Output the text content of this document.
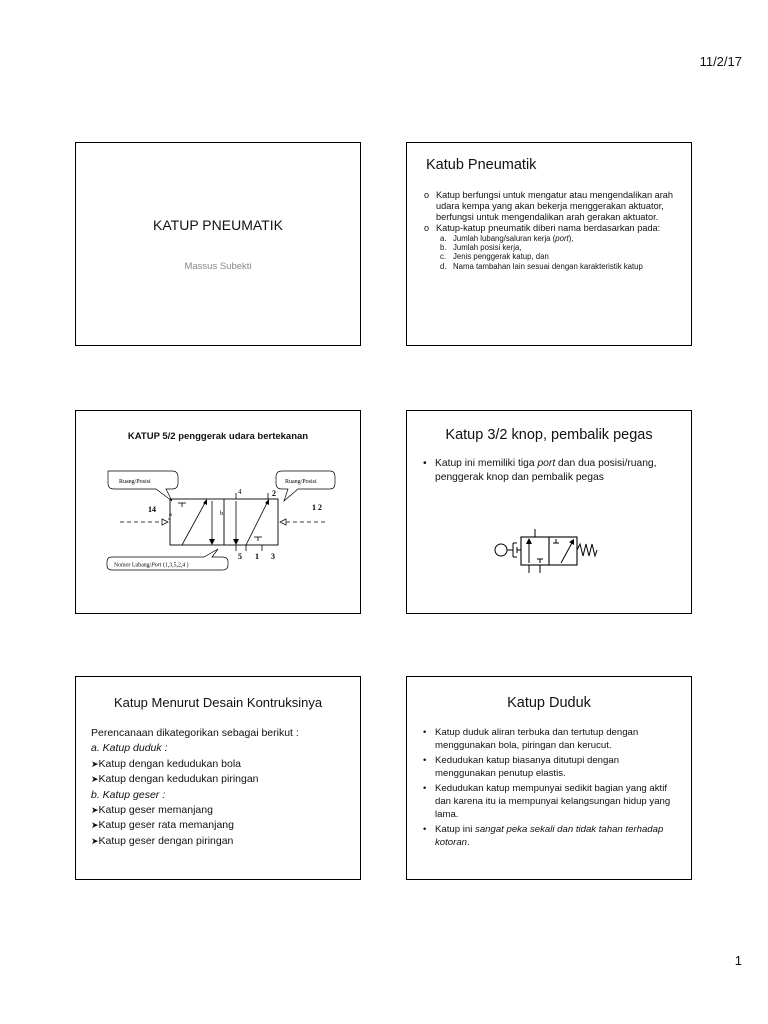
11/2/17
KATUP PNEUMATIK
Massus Subekti
Katub Pneumatik
o Katup berfungsi untuk mengatur atau mengendalikan arah udara kempa yang akan bekerja menggerakan aktuator, berfungsi untuk mengendalikan arah gerakan aktuator.
o Katup-katup pneumatik diberi nama berdasarkan pada:
a. Jumlah lubang/saluran kerja (port),
b. Jumlah posisi kerja,
c. Jenis penggerak katup, dan
d. Nama tambahan lain sesuai dengan karakteristik katup
KATUP 5/2 penggerak udara bertekanan
Ruang/Posisi	Ruang/Posisi
14	1 2
4	2
a	b
5 1 3
Nomor Lubang/Port (1,3,5,2,4 )
Katup 3/2 knop, pembalik pegas
• Katup ini memiliki tiga port dan dua posisi/ruang, penggerak knop dan pembalik pegas
Katup Menurut Desain Kontruksinya
Perencanaan dikategorikan sebagai berikut :
a. Katup duduk :
➤Katup dengan kedudukan bola
➤Katup dengan kedudukan piringan
b. Katup geser :
➤Katup geser memanjang
➤Katup geser rata memanjang
➤Katup geser dengan piringan
Katup Duduk
• Katup duduk aliran terbuka dan tertutup dengan menggunakan bola, piringan dan kerucut.
• Kedudukan katup biasanya ditutupi dengan menggunakan penutup elastis.
• Kedudukan katup mempunyai sedikit bagian yang aktif dan karena itu ia mempunyai kelangsungan hidup yang lama.
• Katup ini sangat peka sekali dan tidak tahan terhadap kotoran.
1
